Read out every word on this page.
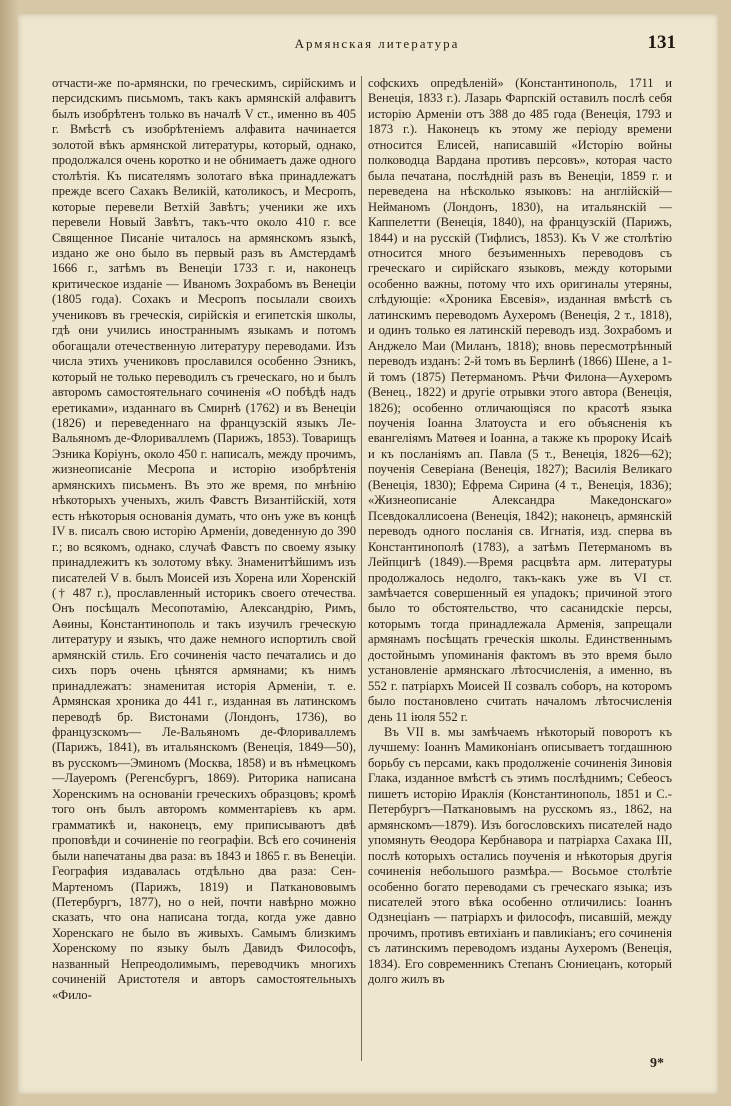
Армянская литература	131

отчасти-же по-армянски, по греческимъ, сирійскимъ и персидскимъ письмомъ, такъ какъ армянскій алфавитъ былъ изобрѣтенъ только въ началѣ V ст., именно въ 405 г. Вмѣстѣ съ изобрѣтеніемъ алфавита начинается золотой вѣкъ армянской литературы, который, однако, продолжался очень коротко и не обнимаетъ даже одного столѣтія. Къ писателямъ золотаго вѣка принадлежатъ прежде всего Сахакъ Великій, католикосъ, и Месропъ, которые перевели Ветхій Завѣтъ; ученики же ихъ перевели Новый Завѣтъ, такъ-что около 410 г. все Священное Писаніе читалось на армянскомъ языкѣ, издано же оно было въ первый разъ въ Амстердамѣ 1666 г., затѣмъ въ Венеціи 1733 г. и, наконецъ критическое изданіе — Иваномъ Зохрабомъ въ Венеціи (1805 года). Сохакъ и Месропъ посылали своихъ учениковъ въ греческія, сирійскія и египетскія школы, гдѣ они учились иностраннымъ языкамъ и потомъ обогащали отечественную литературу переводами. Изъ числа этихъ учениковъ прославился особенно Эзникъ, который не только переводилъ съ греческаго, но и былъ авторомъ самостоятельнаго сочиненія «О побѣдѣ надъ еретиками», изданнаго въ Смирнѣ (1762) и въ Венеціи (1826) и переведеннаго на французскій языкъ Ле-Вальяномъ де-Флориваллемъ (Парижъ, 1853). Товарищъ Эзника Коріунъ, около 450 г. написалъ, между прочимъ, жизнеописаніе Месропа и исторію изобрѣтенія армянскихъ письменъ. Въ это же время, по мнѣнію нѣкоторыхъ ученыхъ, жилъ Фавстъ Византійскій, хотя есть нѣкоторыя основанія думать, что онъ уже въ концѣ IV в. писалъ свою исторію Арменіи, доведенную до 390 г.; во всякомъ, однако, случаѣ Фавстъ по своему языку принадлежитъ къ золотому вѣку. Знаменитѣйшимъ изъ писателей V в. былъ Моисей изъ Хорена или Хоренскій († 487 г.), прославленный историкъ своего отечества. Онъ посѣщалъ Месопотамію, Александрію, Римъ, Аѳины, Константинополь и такъ изучилъ греческую литературу и языкъ, что даже немного испортилъ свой армянскій стиль. Его сочиненія часто печатались и до сихъ поръ очень цѣнятся армянами; къ нимъ принадлежатъ: знаменитая исторія Арменіи, т. е. Армянская хроника до 441 г., изданная въ латинскомъ переводѣ бр. Вистонами (Лондонъ, 1736), во французскомъ— Ле-Вальяномъ де-Флориваллемъ (Парижъ, 1841), въ итальянскомъ (Венеція, 1849—50), въ русскомъ—Эминомъ (Москва, 1858) и въ нѣмецкомъ—Лауеромъ (Регенсбургъ, 1869). Риторика написана Хоренскимъ на основаніи греческихъ образцовъ; кромѣ того онъ былъ авторомъ комментаріевъ къ арм. грамматикѣ и, наконецъ, ему приписываютъ двѣ проповѣди и сочиненіе по географіи. Всѣ его сочиненія были напечатаны два раза: въ 1843 и 1865 г. въ Венеціи. География издавалась отдѣльно два раза: Сен-Мартеномъ (Парижъ, 1819) и Патканововымъ (Петербургъ, 1877), но о ней, почти навѣрно можно сказать, что она написана тогда, когда уже давно Хоренскаго не было въ живыхъ. Самымъ близкимъ Хоренскому по языку былъ Давидъ Философъ, названный Непреодолимымъ, переводчикъ многихъ сочиненій Аристотеля и авторъ самостоятельныхъ «Фило-

софскихъ опредѣленій» (Константинополь, 1711 и Венеція, 1833 г.). Лазарь Фарпскій оставилъ послѣ себя исторію Арменіи отъ 388 до 485 года (Венеція, 1793 и 1873 г.). Наконецъ къ этому же періоду времени относится Елисей, написавшій «Исторію войны полководца Вардана противъ персовъ», которая часто была печатана, послѣдній разъ въ Венеціи, 1859 г. и переведена на нѣсколько языковъ: на англійскій—Нейманомъ (Лондонъ, 1830), на итальянскій — Каппелетти (Венеція, 1840), на французскій (Парижъ, 1844) и на русскій (Тифлисъ, 1853). Къ V же столѣтію относится много безъименныхъ переводовъ съ греческаго и сирійскаго языковъ, между которыми особенно важны, потому что ихъ оригиналы утеряны, слѣдующіе: «Хроника Евсевія», изданная вмѣстѣ съ латинскимъ переводомъ Аухеромъ (Венеція, 2 т., 1818), и одинъ только ея латинскій переводъ изд. Зохрабомъ и Анджело Маи (Миланъ, 1818); вновь пересмотрѣнный переводъ изданъ: 2-й томъ въ Берлинѣ (1866) Шене, а 1-й томъ (1875) Петерманомъ. Рѣчи Филона—Аухеромъ (Венец., 1822) и другіе отрывки этого автора (Венеція, 1826); особенно отличающіяся по красотѣ языка поученія Іоанна Златоуста и его объясненія къ евангеліямъ Матѳея и Іоанна, а также къ пророку Исаіѣ и къ посланіямъ ап. Павла (5 т., Венеція, 1826—62); поученія Северіана (Венеція, 1827); Василія Великаго (Венеція, 1830); Ефрема Сирина (4 т., Венеція, 1836); «Жизнеописаніе Александра Македонскаго» Псевдокаллисоена (Венеція, 1842); наконецъ, армянскій переводъ одного посланія св. Игнатія, изд. сперва въ Константинополѣ (1783), а затѣмъ Петерманомъ въ Лейпцигѣ (1849).—Время расцвѣта арм. литературы продолжалось недолго, такъ-какъ уже въ VI ст. замѣчается совершенный ея упадокъ; причиной этого было то обстоятельство, что сасанидскіе персы, которымъ тогда принадлежала Арменія, запрещали армянамъ посѣщать греческія школы. Единственнымъ достойнымъ упоминанія фактомъ въ это время было установленіе армянскаго лѣтосчисленія, а именно, въ 552 г. патріархъ Моисей II созвалъ соборъ, на которомъ было постановлено считать началомъ лѣтосчисленія день 11 іюля 552 г.

Въ VII в. мы замѣчаемъ нѣкоторый поворотъ къ лучшему: Іоаннъ Мамиконіанъ описываетъ тогдашнюю борьбу съ персами, какъ продолженіе сочиненія Зиновія Глака, изданное вмѣстѣ съ этимъ послѣднимъ; Себеосъ пишетъ исторію Ираклія (Константинополь, 1851 и С.-Петербургъ—Паткановымъ на русскомъ яз., 1862, на армянскомъ—1879). Изъ богословскихъ писателей надо упомянуть Ѳеодора Кербнавора и патріарха Сахака III, послѣ которыхъ остались поученія и нѣкоторыя другія сочиненія небольшого размѣра.— Восьмое столѣтіе особенно богато переводами съ греческаго языка; изъ писателей этого вѣка особенно отличились: Іоаннъ Одзнеціанъ — патріархъ и философъ, писавшій, между прочимъ, противъ евтихіанъ и павликіанъ; его сочиненія съ латинскимъ переводомъ изданы Аухеромъ (Венеція, 1834). Его современникъ Степанъ Сюниецанъ, который долго жилъ въ

9*
